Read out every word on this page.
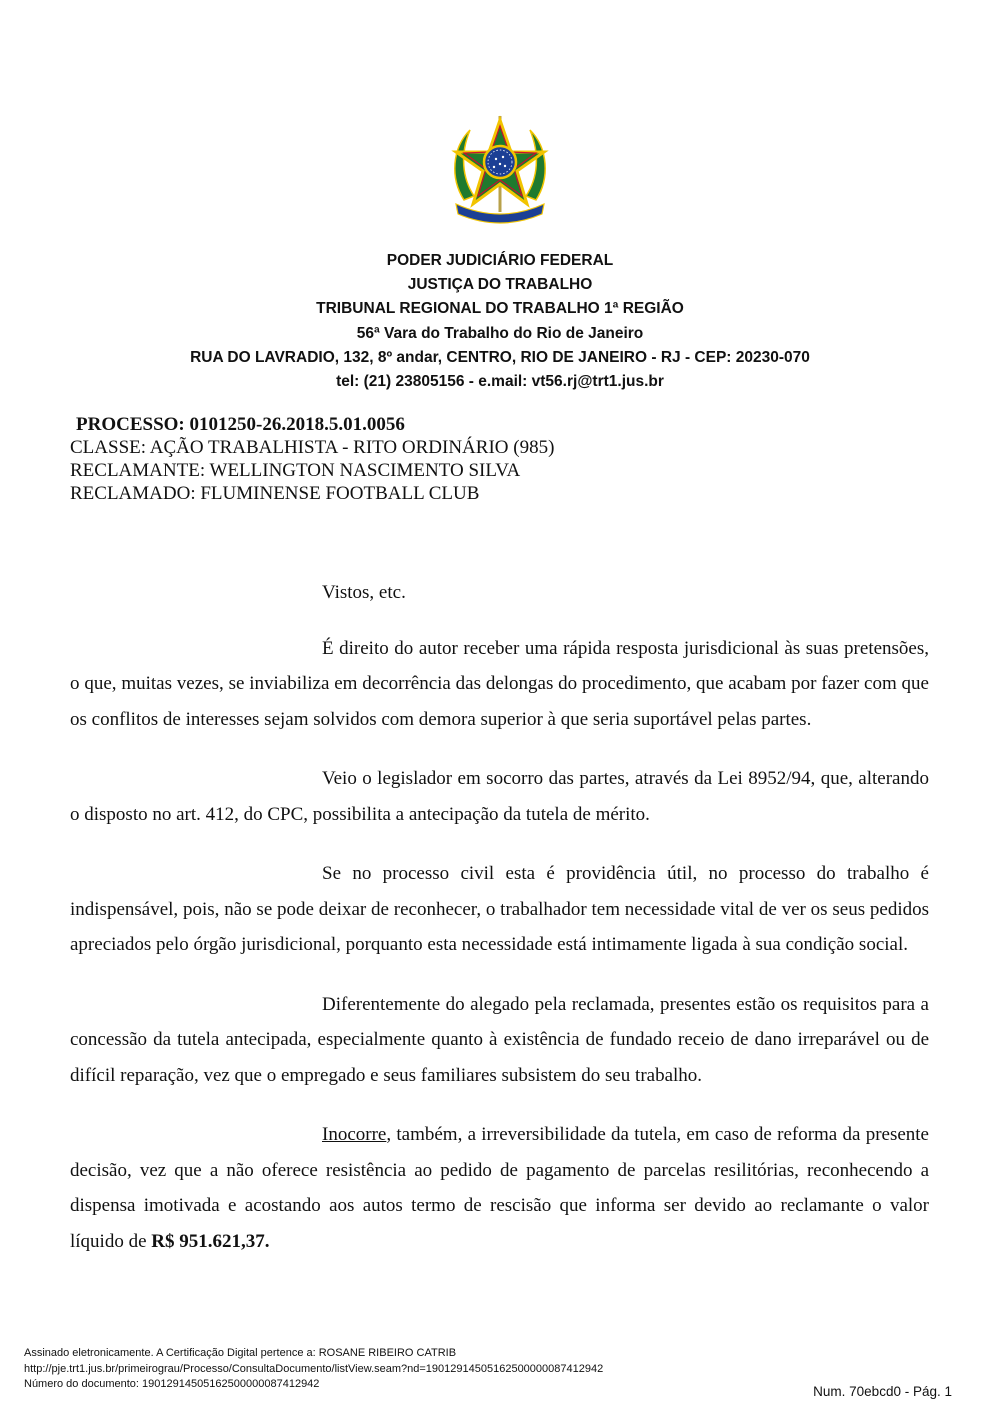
PODER JUDICIÁRIO FEDERAL
JUSTIÇA DO TRABALHO
TRIBUNAL REGIONAL DO TRABALHO 1ª REGIÃO
56ª Vara do Trabalho do Rio de Janeiro
RUA DO LAVRADIO, 132, 8º andar, CENTRO, RIO DE JANEIRO - RJ - CEP: 20230-070
tel: (21) 23805156 - e.mail: vt56.rj@trt1.jus.br
PROCESSO: 0101250-26.2018.5.01.0056
CLASSE: AÇÃO TRABALHISTA - RITO ORDINÁRIO (985)
RECLAMANTE: WELLINGTON NASCIMENTO SILVA
RECLAMADO: FLUMINENSE FOOTBALL CLUB

Vistos, etc.

É direito do autor receber uma rápida resposta jurisdicional às suas pretensões, o que, muitas vezes, se inviabiliza em decorrência das delongas do procedimento, que acabam por fazer com que os conflitos de interesses sejam solvidos com demora superior à que seria suportável pelas partes.

Veio o legislador em socorro das partes, através da Lei 8952/94, que, alterando o disposto no art. 412, do CPC, possibilita a antecipação da tutela de mérito.

Se no processo civil esta é providência útil, no processo do trabalho é indispensável, pois, não se pode deixar de reconhecer, o trabalhador tem necessidade vital de ver os seus pedidos apreciados pelo órgão jurisdicional, porquanto esta necessidade está intimamente ligada à sua condição social.

Diferentemente do alegado pela reclamada, presentes estão os requisitos para a concessão da tutela antecipada, especialmente quanto à existência de fundado receio de dano irreparável ou de difícil reparação, vez que o empregado e seus familiares subsistem do seu trabalho.

Inocorre, também, a irreversibilidade da tutela, em caso de reforma da presente decisão, vez que a não oferece resistência ao pedido de pagamento de parcelas resilitórias, reconhecendo a dispensa imotivada e acostando aos autos termo de rescisão que informa ser devido ao reclamante o valor líquido de R$ 951.621,37.

Assinado eletronicamente. A Certificação Digital pertence a: ROSANE RIBEIRO CATRIB
http://pje.trt1.jus.br/primeirograu/Processo/ConsultaDocumento/listView.seam?nd=19012914505162500000087412942
Número do documento: 19012914505162500000087412942	Num. 70ebcd0 - Pág. 1
